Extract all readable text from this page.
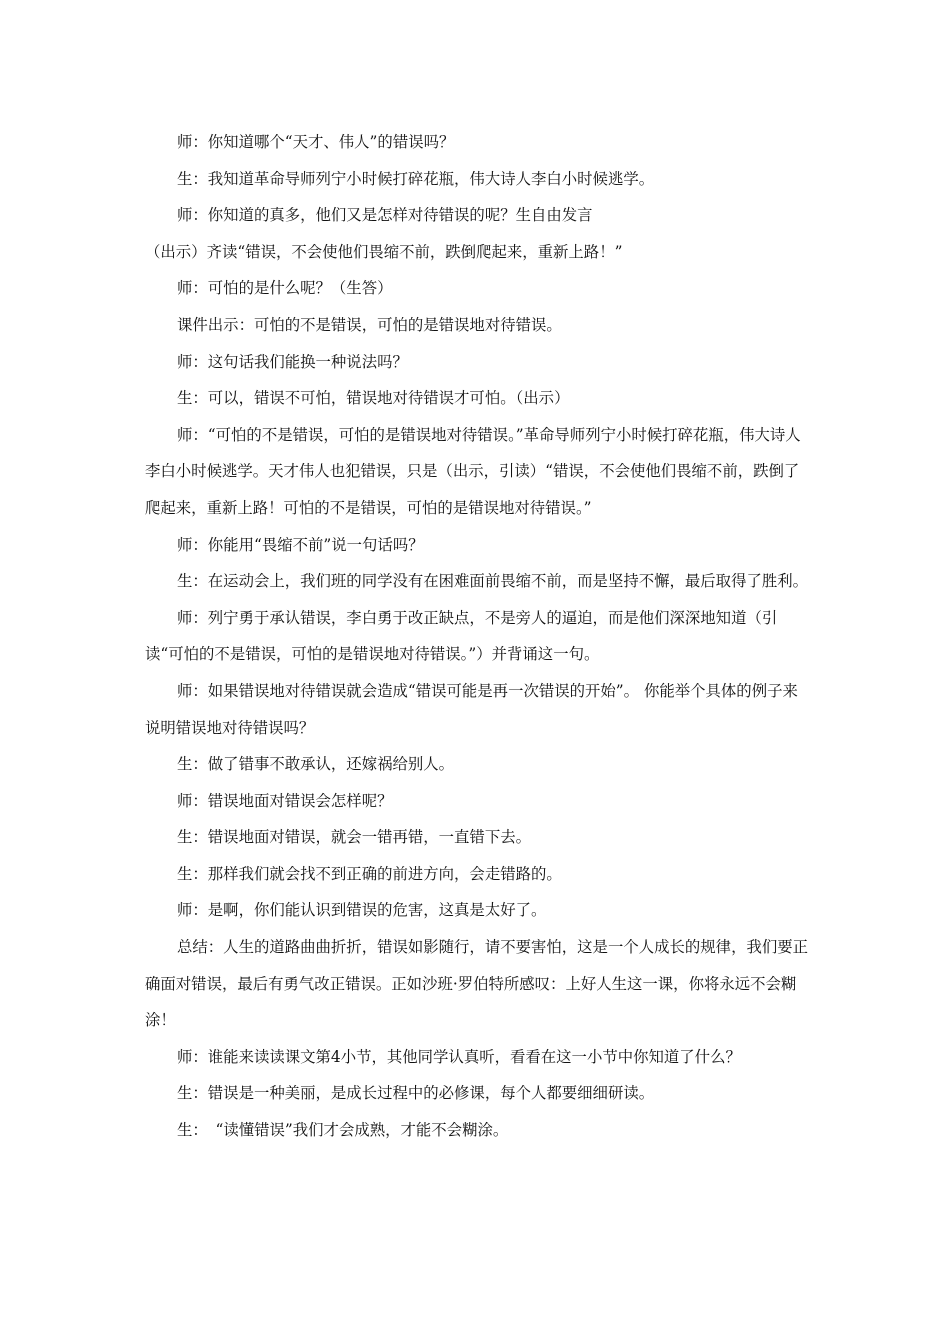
师：你知道哪个“天才、伟人”的错误吗？

生：我知道革命导师列宁小时候打碎花瓶，伟大诗人李白小时候逃学。

师：你知道的真多，他们又是怎样对待错误的呢？生自由发言

（出示）齐读“错误，不会使他们畏缩不前，跌倒爬起来，重新上路！”

师：可怕的是什么呢？（生答）

课件出示：可怕的不是错误，可怕的是错误地对待错误。

师：这句话我们能换一种说法吗？

生：可以，错误不可怕，错误地对待错误才可怕。（出示）

师：“可怕的不是错误，可怕的是错误地对待错误。”革命导师列宁小时候打碎花瓶，伟大诗人李白小时候逃学。天才伟人也犯错误，只是（出示，引读）“错误，不会使他们畏缩不前，跌倒了爬起来，重新上路！可怕的不是错误，可怕的是错误地对待错误。”

师：你能用“畏缩不前”说一句话吗？

生：在运动会上，我们班的同学没有在困难面前畏缩不前，而是坚持不懈，最后取得了胜利。

师：列宁勇于承认错误，李白勇于改正缺点，不是旁人的逼迫，而是他们深深地知道（引读“可怕的不是错误，可怕的是错误地对待错误。”）并背诵这一句。

师：如果错误地对待错误就会造成“错误可能是再一次错误的开始”。 你能举个具体的例子来说明错误地对待错误吗？

生：做了错事不敢承认，还嫁祸给别人。

师：错误地面对错误会怎样呢？

生：错误地面对错误，就会一错再错，一直错下去。

生：那样我们就会找不到正确的前进方向，会走错路的。

师：是啊，你们能认识到错误的危害，这真是太好了。

总结：人生的道路曲曲折折，错误如影随行，请不要害怕，这是一个人成长的规律，我们要正确面对错误，最后有勇气改正错误。正如沙班·罗伯特所感叹：上好人生这一课，你将永远不会糊涂！

师：谁能来读读课文第4小节，其他同学认真听，看看在这一小节中你知道了什么？

生：错误是一种美丽，是成长过程中的必修课，每个人都要细细研读。

生：　“读懂错误”我们才会成熟，才能不会糊涂。
